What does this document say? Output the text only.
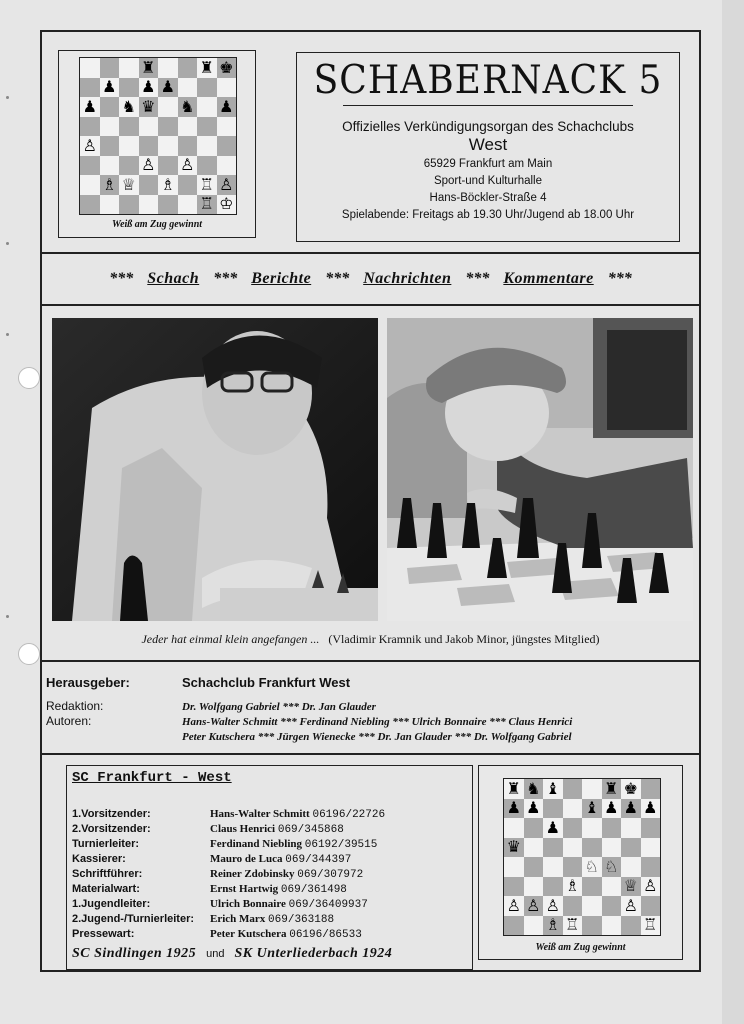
♜	♜ ♚
♟ ♟ ♟
♟ ♞ ♛ ♞ ♟
♙
♙ ♙
♗ ♕ ♗ ♖ ♙
♖ ♔
Weiß am Zug gewinnt
SCHABERNACK 5
Offizielles Verkündigungsorgan des Schachclubs
West
65929 Frankfurt am Main
Sport-und Kulturhalle
Hans-Böckler-Straße 4
Spielabende: Freitags ab 19.30 Uhr/Jugend ab 18.00 Uhr
*** Schach *** Berichte *** Nachrichten *** Kommentare ***
Jeder hat einmal klein angefangen ... (Vladimir Kramnik und Jakob Minor, jüngstes Mitglied)
Herausgeber:	Schachclub Frankfurt West
Redaktion:	Dr. Wolfgang Gabriel *** Dr. Jan Glauder
Autoren:	Hans-Walter Schmitt *** Ferdinand Niebling *** Ulrich Bonnaire *** Claus Henrici
Peter Kutschera *** Jürgen Wienecke *** Dr. Jan Glauder *** Dr. Wolfgang Gabriel
SC Frankfurt - West
1.Vorsitzender:	Hans-Walter Schmitt 06196/22726
2.Vorsitzender:	Claus Henrici 069/345868
Turnierleiter:	Ferdinand Niebling 06192/39515
Kassierer:	Mauro de Luca 069/344397
Schriftführer:	Reiner Zdobinsky 069/307972
Materialwart:	Ernst Hartwig 069/361498
1.Jugendleiter:	Ulrich Bonnaire 069/36409937
2.Jugend-/Turnierleiter: Erich Marx 069/363188
Pressewart:	Peter Kutschera 06196/86533
SC Sindlingen 1925 und SK Unterliederbach 1924
♜ ♞ ♝	♜ ♚
♟ ♟	♝ ♟ ♟ ♟
♟
♛
♘ ♘
♗	♕ ♙
♙ ♙ ♙	♙
♗ ♖	♖
Weiß am Zug gewinnt
